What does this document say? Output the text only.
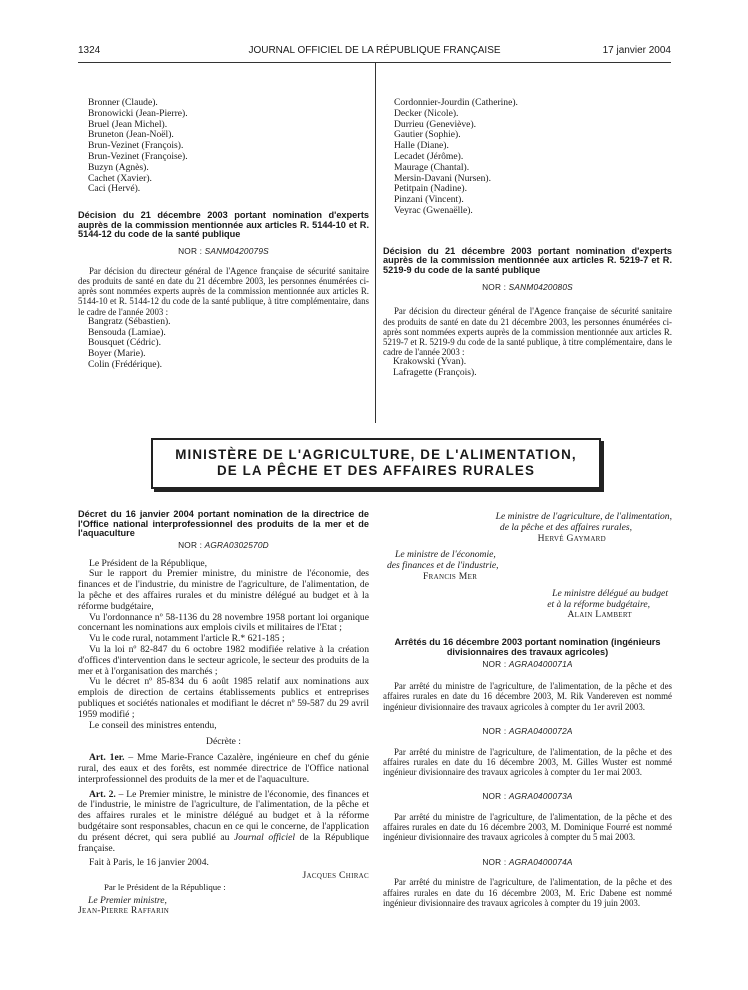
1324	JOURNAL OFFICIEL DE LA RÉPUBLIQUE FRANÇAISE	17 janvier 2004
Bronner (Claude).
Bronowicki (Jean-Pierre).
Bruel (Jean Michel).
Bruneton (Jean-Noël).
Brun-Vezinet (François).
Brun-Vezinet (Françoise).
Buzyn (Agnès).
Cachet (Xavier).
Caci (Hervé).
Décision du 21 décembre 2003 portant nomination d'experts auprès de la commission mentionnée aux articles R. 5144-10 et R. 5144-12 du code de la santé publique
NOR : SANM0420079S

Par décision du directeur général de l'Agence française de sécurité sanitaire des produits de santé en date du 21 décembre 2003, les personnes énumérées ci-après sont nommées experts auprès de la commission mentionnée aux articles R. 5144-10 et R. 5144-12 du code de la santé publique, à titre complémentaire, dans le cadre de l'année 2003 :

Bangratz (Sébastien).
Bensouda (Lamiae).
Bousquet (Cédric).
Boyer (Marie).
Colin (Frédérique).
Cordonnier-Jourdin (Catherine).
Decker (Nicole).
Durrieu (Geneviève).
Gautier (Sophie).
Halle (Diane).
Lecadet (Jérôme).
Maurage (Chantal).
Mersin-Davani (Nursen).
Petitpain (Nadine).
Pinzani (Vincent).
Veyrac (Gwenaëlle).
Décision du 21 décembre 2003 portant nomination d'experts auprès de la commission mentionnée aux articles R. 5219-7 et R. 5219-9 du code de la santé publique
NOR : SANM0420080S

Par décision du directeur général de l'Agence française de sécurité sanitaire des produits de santé en date du 21 décembre 2003, les personnes énumérées ci-après sont nommées experts auprès de la commission mentionnée aux articles R. 5219-7 et R. 5219-9 du code de la santé publique, à titre complémentaire, dans le cadre de l'année 2003 :

Krakowski (Yvan).
Lafragette (François).
MINISTÈRE DE L'AGRICULTURE, DE L'ALIMENTATION,
DE LA PÊCHE ET DES AFFAIRES RURALES
Décret du 16 janvier 2004 portant nomination de la directrice de l'Office national interprofessionnel des produits de la mer et de l'aquaculture
NOR : AGRA0302570D

Le Président de la République,

Sur le rapport du Premier ministre, du ministre de l'économie, des finances et de l'industrie, du ministre de l'agriculture, de l'alimentation, de la pêche et des affaires rurales et du ministre délégué au budget et à la réforme budgétaire,

Vu l'ordonnance nº 58-1136 du 28 novembre 1958 portant loi organique concernant les nominations aux emplois civils et militaires de l'Etat ;

Vu le code rural, notamment l'article R.* 621-185 ;

Vu la loi nº 82-847 du 6 octobre 1982 modifiée relative à la création d'offices d'intervention dans le secteur agricole, le secteur des produits de la mer et à l'organisation des marchés ;

Vu le décret nº 85-834 du 6 août 1985 relatif aux nominations aux emplois de direction de certains établissements publics et entreprises publiques et sociétés nationales et modifiant le décret nº 59-587 du 29 avril 1959 modifié ;

Le conseil des ministres entendu,

Décrète :

Art. 1er. – Mme Marie-France Cazalère, ingénieure en chef du génie rural, des eaux et des forêts, est nommée directrice de l'Office national interprofessionnel des produits de la mer et de l'aquaculture.

Art. 2. – Le Premier ministre, le ministre de l'économie, des finances et de l'industrie, le ministre de l'agriculture, de l'alimentation, de la pêche et des affaires rurales et le ministre délégué au budget et à la réforme budgétaire sont responsables, chacun en ce qui le concerne, de l'application du présent décret, qui sera publié au Journal officiel de la République française.

Fait à Paris, le 16 janvier 2004.

Jacques Chirac
Par le Président de la République :
Le Premier ministre,
Jean-Pierre Raffarin
Le ministre de l'agriculture, de l'alimentation,
de la pêche et des affaires rurales,
Hervé Gaymard
Le ministre de l'économie,
des finances et de l'industrie,
Francis Mer
Le ministre délégué au budget
et à la réforme budgétaire,
Alain Lambert
Arrêtés du 16 décembre 2003 portant nomination (ingénieurs divisionnaires des travaux agricoles)
NOR : AGRA0400071A

Par arrêté du ministre de l'agriculture, de l'alimentation, de la pêche et des affaires rurales en date du 16 décembre 2003, M. Rik Vandereven est nommé ingénieur divisionnaire des travaux agricoles à compter du 1er avril 2003.

NOR : AGRA0400072A

Par arrêté du ministre de l'agriculture, de l'alimentation, de la pêche et des affaires rurales en date du 16 décembre 2003, M. Gilles Wuster est nommé ingénieur divisionnaire des travaux agricoles à compter du 1er mai 2003.

NOR : AGRA0400073A

Par arrêté du ministre de l'agriculture, de l'alimentation, de la pêche et des affaires rurales en date du 16 décembre 2003, M. Dominique Fourré est nommé ingénieur divisionnaire des travaux agricoles à compter du 5 mai 2003.

NOR : AGRA0400074A

Par arrêté du ministre de l'agriculture, de l'alimentation, de la pêche et des affaires rurales en date du 16 décembre 2003, M. Eric Dabene est nommé ingénieur divisionnaire des travaux agricoles à compter du 19 juin 2003.
